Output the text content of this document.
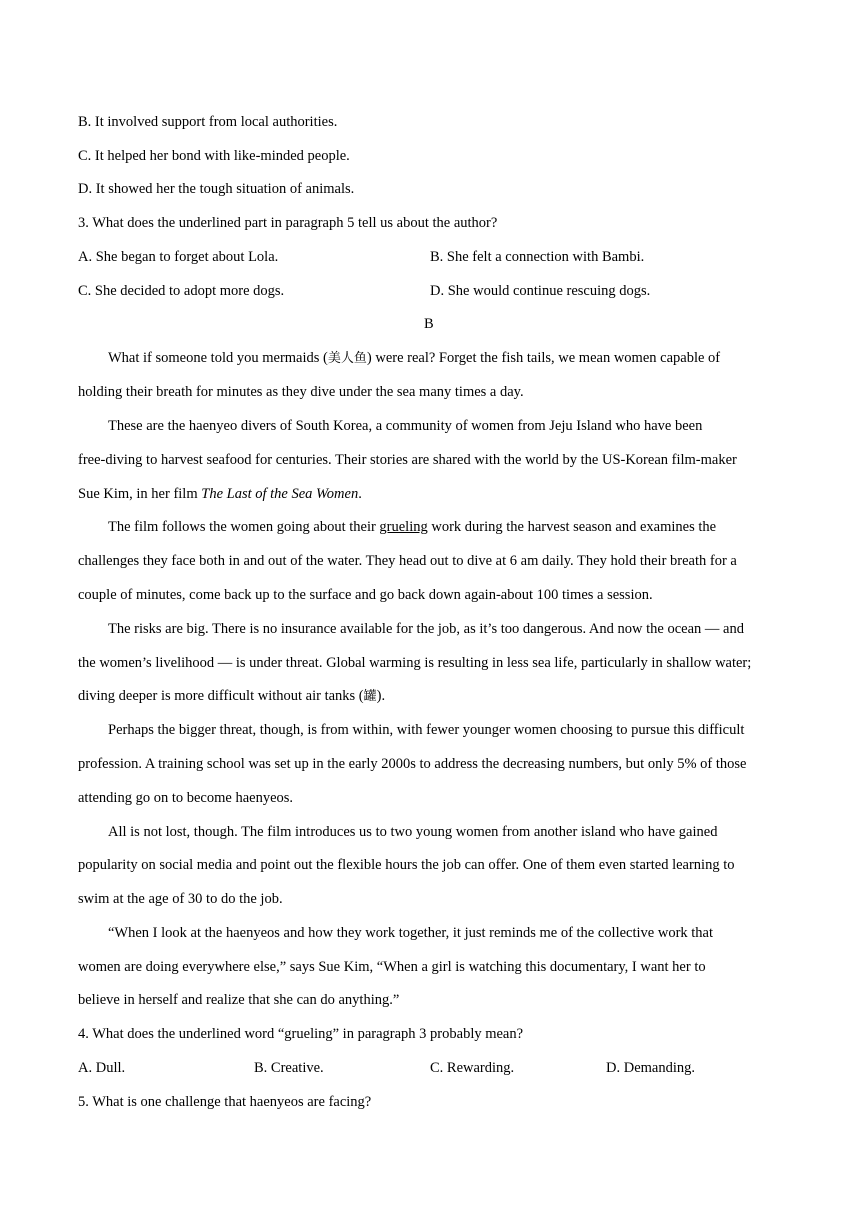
B. It involved support from local authorities.
C. It helped her bond with like-minded people.
D. It showed her the tough situation of animals.
3. What does the underlined part in paragraph 5 tell us about the author?
A. She began to forget about Lola.	B. She felt a connection with Bambi.
C. She decided to adopt more dogs.	D. She would continue rescuing dogs.
B
What if someone told you mermaids (美人鱼) were real? Forget the fish tails, we mean women capable of
holding their breath for minutes as they dive under the sea many times a day.
These are the haenyeo divers of South Korea, a community of women from Jeju Island who have been
free-diving to harvest seafood for centuries. Their stories are shared with the world by the US-Korean film-maker
Sue Kim, in her film The Last of the Sea Women.
The film follows the women going about their grueling work during the harvest season and examines the
challenges they face both in and out of the water. They head out to dive at 6 am daily. They hold their breath for a
couple of minutes, come back up to the surface and go back down again-about 100 times a session.
The risks are big. There is no insurance available for the job, as it’s too dangerous. And now the ocean — and
the women’s livelihood — is under threat. Global warming is resulting in less sea life, particularly in shallow water;
diving deeper is more difficult without air tanks (罐).
Perhaps the bigger threat, though, is from within, with fewer younger women choosing to pursue this difficult
profession. A training school was set up in the early 2000s to address the decreasing numbers, but only 5% of those
attending go on to become haenyeos.
All is not lost, though. The film introduces us to two young women from another island who have gained
popularity on social media and point out the flexible hours the job can offer. One of them even started learning to
swim at the age of 30 to do the job.
“When I look at the haenyeos and how they work together, it just reminds me of the collective work that
women are doing everywhere else,” says Sue Kim, “When a girl is watching this documentary, I want her to
believe in herself and realize that she can do anything.”
4. What does the underlined word “grueling” in paragraph 3 probably mean?
A. Dull.	B. Creative.	C. Rewarding.	D. Demanding.
5. What is one challenge that haenyeos are facing?
